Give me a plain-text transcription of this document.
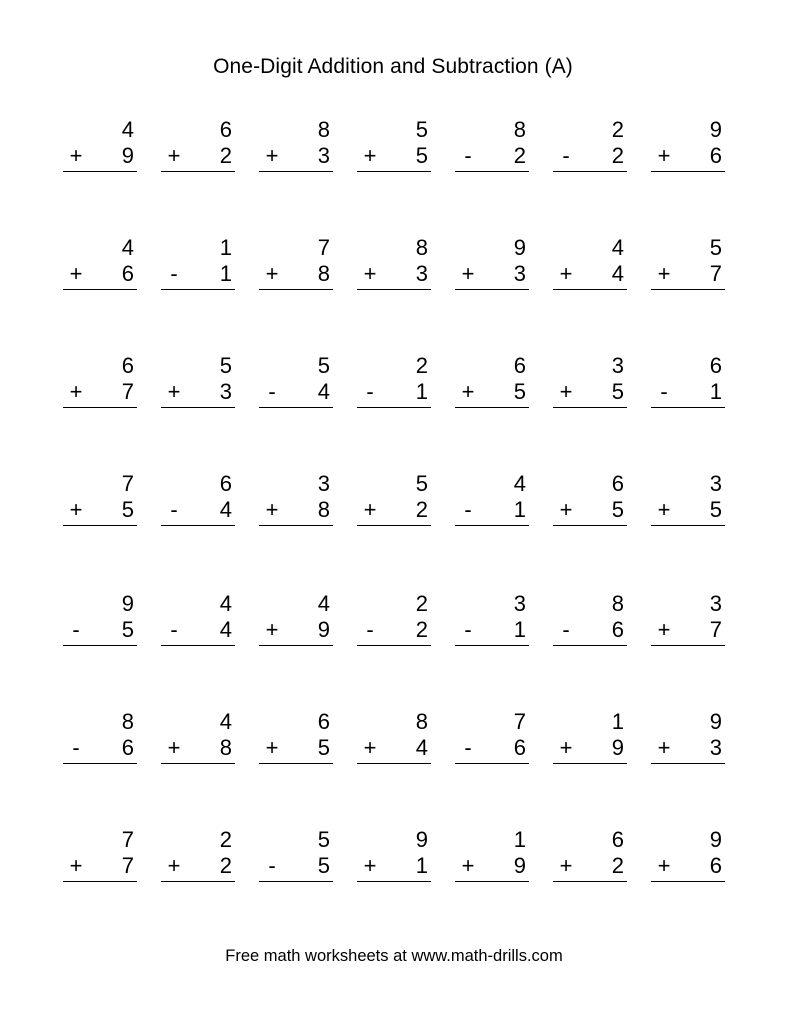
One-Digit Addition and Subtraction (A)
4
+ 9
6
+ 2
8
+ 3
5
+ 5
8
- 2
2
- 2
9
+ 6
4
+ 6
1
- 1
7
+ 8
8
+ 3
9
+ 3
4
+ 4
5
+ 7
6
+ 7
5
+ 3
5
- 4
2
- 1
6
+ 5
3
+ 5
6
- 1
7
+ 5
6
- 4
3
+ 8
5
+ 2
4
- 1
6
+ 5
3
+ 5
9
- 5
4
- 4
4
+ 9
2
- 2
3
- 1
8
- 6
3
+ 7
8
- 6
4
+ 8
6
+ 5
8
+ 4
7
- 6
1
+ 9
9
+ 3
7
+ 7
2
+ 2
5
- 5
9
+ 1
1
+ 9
6
+ 2
9
+ 6
Free math worksheets at www.math-drills.com
